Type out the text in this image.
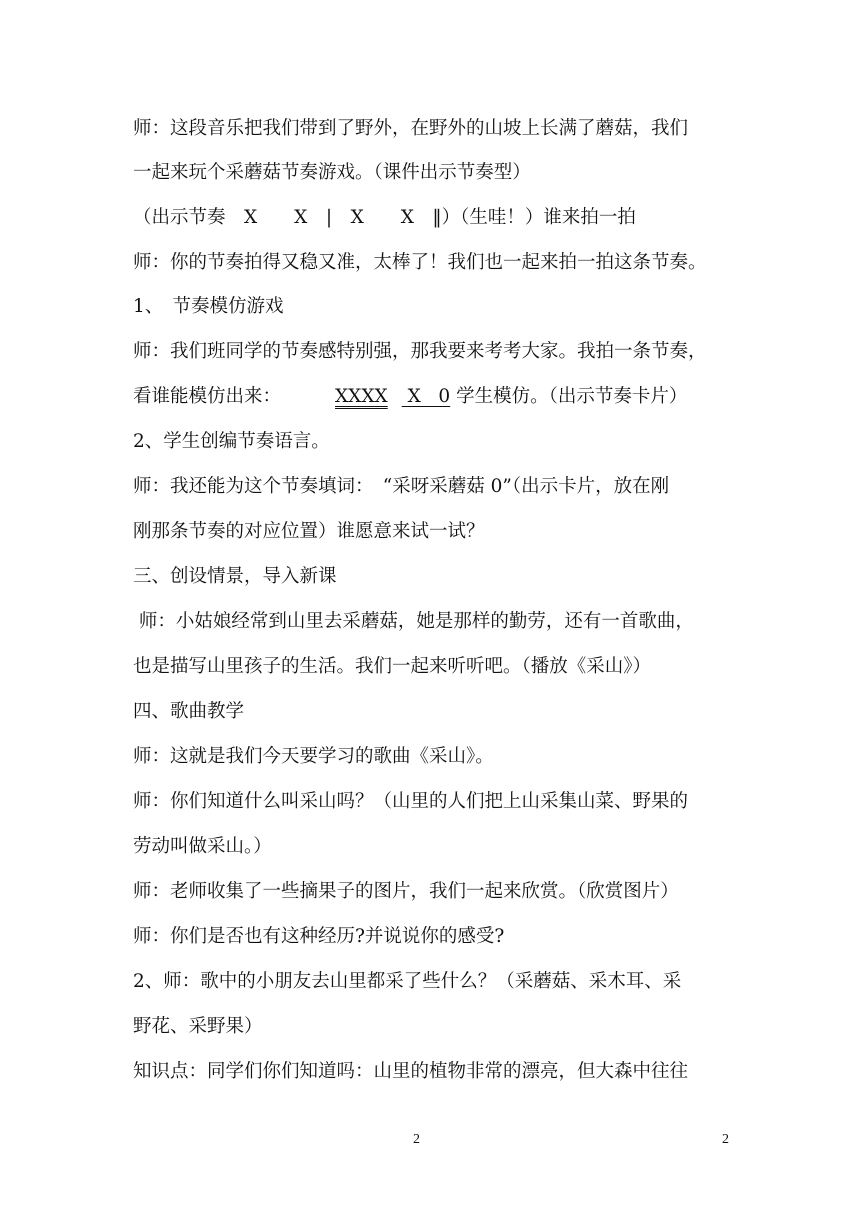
师：这段音乐把我们带到了野外，在野外的山坡上长满了蘑菇，我们

一起来玩个采蘑菇节奏游戏。（课件出示节奏型）

（出示节奏　X　　X　|　X　　X　‖）（生哇！）谁来拍一拍

师：你的节奏拍得又稳又准，太棒了！我们也一起来拍一拍这条节奏。

1、　节奏模仿游戏

师：我们班同学的节奏感特别强，那我要来考考大家。我拍一条节奏，

看谁能模仿出来：	XXXX X   0 学生模仿。（出示节奏卡片）

2、学生创编节奏语言。

师：我还能为这个节奏填词：　“采呀采蘑菇 0”（出示卡片，放在刚

刚那条节奏的对应位置）谁愿意来试一试？

三、创设情景，导入新课

师：小姑娘经常到山里去采蘑菇，她是那样的勤劳，还有一首歌曲，

也是描写山里孩子的生活。我们一起来听听吧。（播放《采山》）

四、歌曲教学

师：这就是我们今天要学习的歌曲《采山》。

师：你们知道什么叫采山吗？（山里的人们把上山采集山菜、野果的

劳动叫做采山。）

师：老师收集了一些摘果子的图片，我们一起来欣赏。（欣赏图片）

师：你们是否也有这种经历?并说说你的感受?

2、师：歌中的小朋友去山里都采了些什么？（采蘑菇、采木耳、采

野花、采野果）

知识点：同学们你们知道吗：山里的植物非常的漂亮，但大森中往往

2	2
